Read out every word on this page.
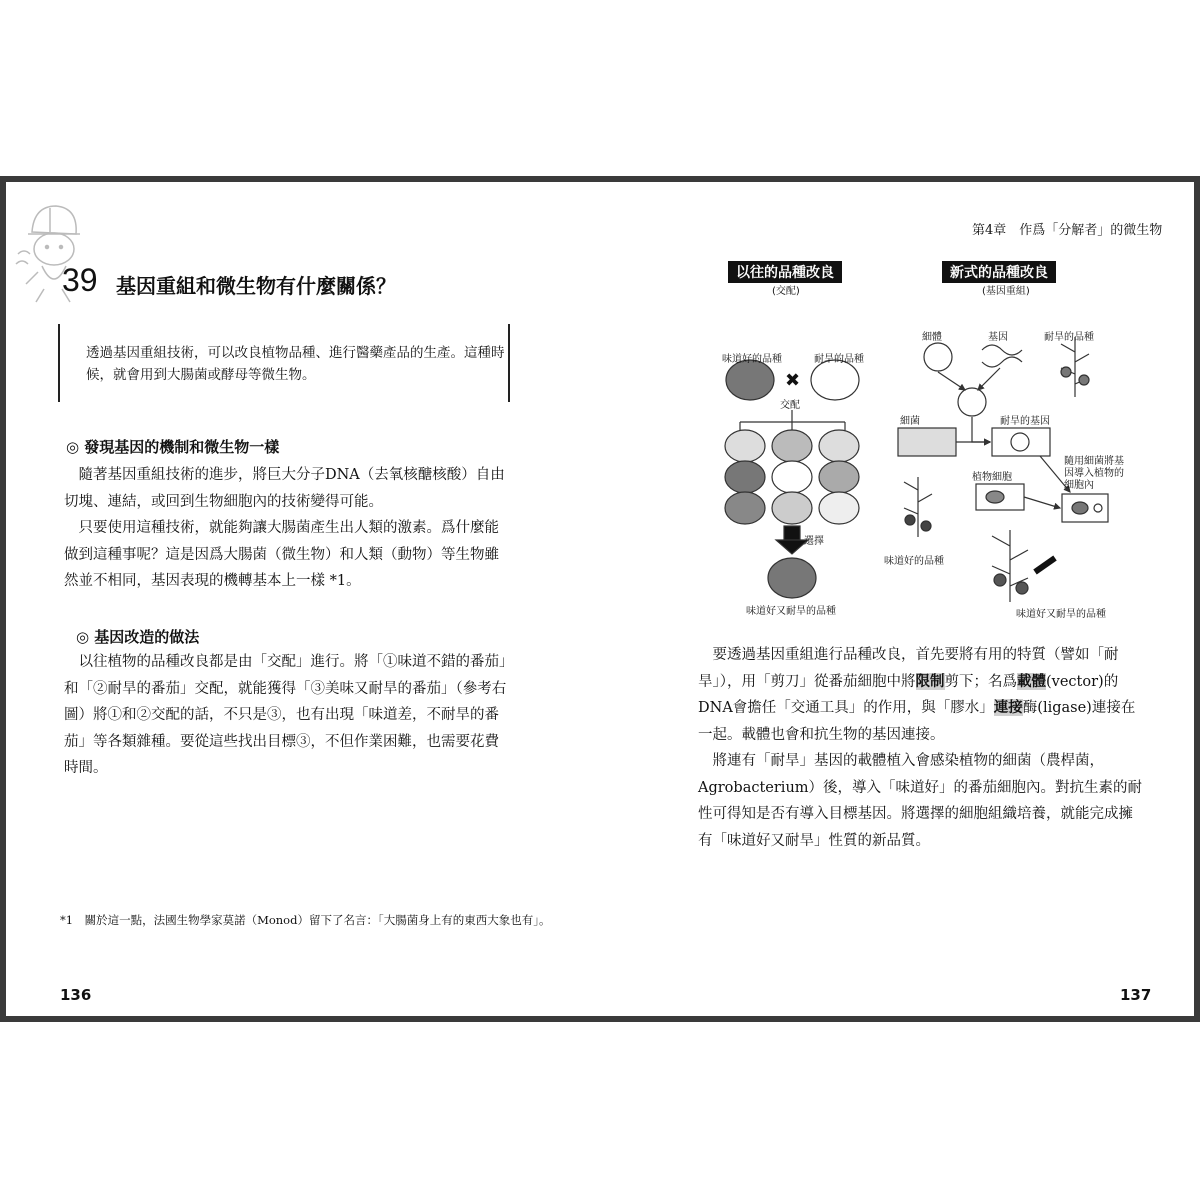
39 基因重組和微生物有什麼關係？
透過基因重組技術，可以改良植物品種、進行醫藥產品的生產。這種時候，就會用到大腸菌或酵母等微生物。
◎ 發現基因的機制和微生物一樣

隨著基因重組技術的進步，將巨大分子DNA（去氧核醣核酸）自由切塊、連結，或回到生物細胞內的技術變得可能。

只要使用這種技術，就能夠讓大腸菌產生出人類的激素。爲什麼能做到這種事呢？這是因爲大腸菌（微生物）和人類（動物）等生物雖然並不相同，基因表現的機轉基本上一樣 *1。

◎ 基因改造的做法

以往植物的品種改良都是由「交配」進行。將「①味道不錯的番茄」和「②耐旱的番茄」交配，就能獲得「③美味又耐旱的番茄」（參考右圖）將①和②交配的話，不只是③，也有出現「味道差，不耐旱的番茄」等各類雜種。要從這些找出目標③，不但作業困難，也需要花費時間。

*1　關於這一點，法國生物學家莫諾（Monod）留下了名言：「大腸菌身上有的東西大象也有」。
136
第4章　作爲「分解者」的微生物
✖
以往的品種改良
(交配)
新式的品種改良
(基因重組)
味道好的品種	耐旱的品種
交配
選擇
味道好又耐旱的品種
細體	基因	耐旱的品種
細菌	耐旱的基因
植物細胞
隨用細菌將基因導入植物的細胞內
味道好的品種
味道好又耐旱的品種

要透過基因重組進行品種改良，首先要將有用的特質（譬如「耐旱」），用「剪刀」從番茄細胞中將限制剪下；名爲載體(vector)的DNA會擔任「交通工具」的作用，與「膠水」連接酶(ligase)連接在一起。載體也會和抗生物的基因連接。

將連有「耐旱」基因的載體植入會感染植物的細菌（農桿菌，Agrobacterium）後，導入「味道好」的番茄細胞內。對抗生素的耐性可得知是否有導入目標基因。將選擇的細胞組織培養，就能完成擁有「味道好又耐旱」性質的新品質。

137
